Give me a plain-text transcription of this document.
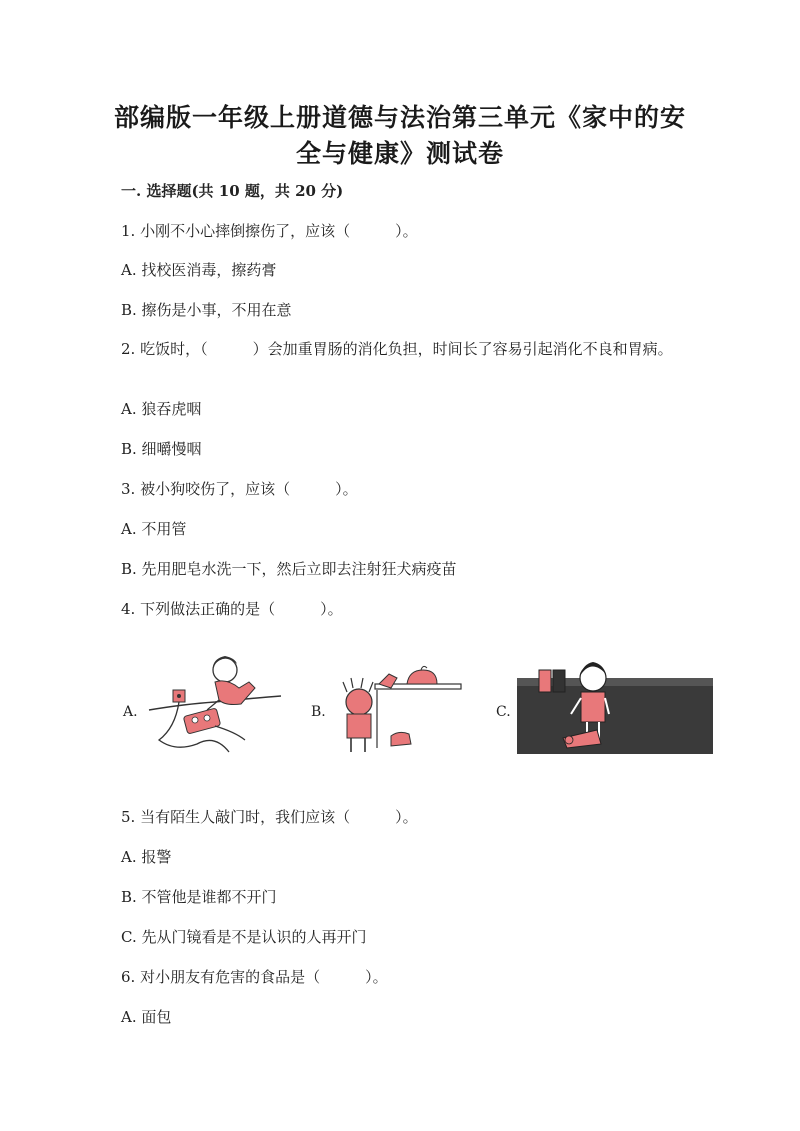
部编版一年级上册道德与法治第三单元《家中的安
全与健康》测试卷
一. 选择题(共 10 题，共 20 分)
1. 小刚不小心摔倒擦伤了，应该（　　　）。
A. 找校医消毒，擦药膏
B. 擦伤是小事，不用在意
2. 吃饭时，（　　　）会加重胃肠的消化负担，时间长了容易引起消化不良和胃病。
A. 狼吞虎咽
B. 细嚼慢咽
3. 被小狗咬伤了，应该（　　　）。
A. 不用管
B. 先用肥皂水洗一下，然后立即去注射狂犬病疫苗
4. 下列做法正确的是（　　　）。
A.	B.	C.
5. 当有陌生人敲门时，我们应该（　　　）。
A. 报警
B. 不管他是谁都不开门
C. 先从门镜看是不是认识的人再开门
6. 对小朋友有危害的食品是（　　　）。
A. 面包
